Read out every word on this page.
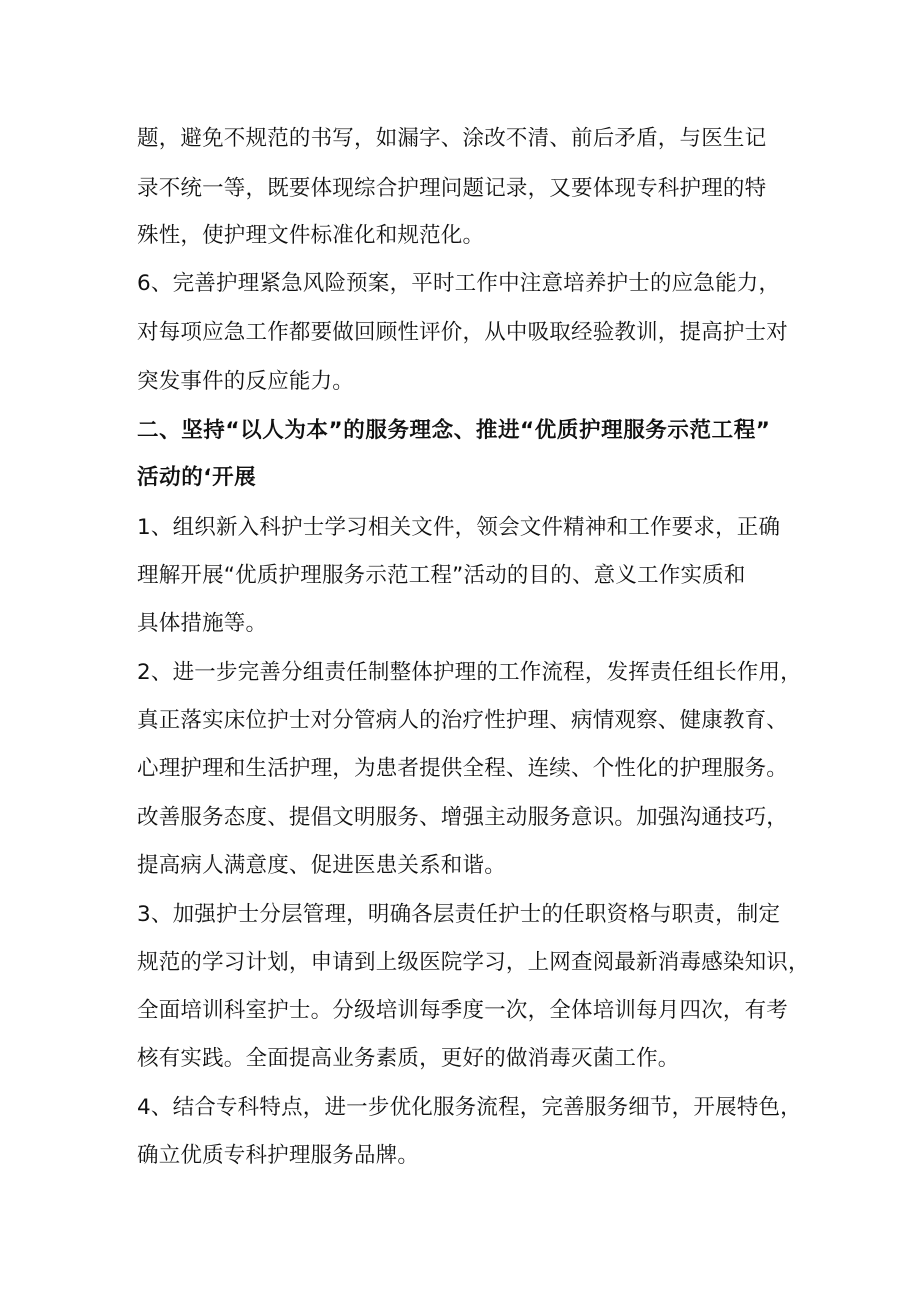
题，避免不规范的书写，如漏字、涂改不清、前后矛盾，与医生记
录不统一等，既要体现综合护理问题记录，又要体现专科护理的特
殊性，使护理文件标准化和规范化。
6、完善护理紧急风险预案，平时工作中注意培养护士的应急能力，
对每项应急工作都要做回顾性评价，从中吸取经验教训，提高护士对
突发事件的反应能力。
二、坚持“以人为本”的服务理念、推进“优质护理服务示范工程”
活动的‘开展
1、组织新入科护士学习相关文件，领会文件精神和工作要求，正确
理解开展“优质护理服务示范工程”活动的目的、意义工作实质和
具体措施等。
2、进一步完善分组责任制整体护理的工作流程，发挥责任组长作用，
真正落实床位护士对分管病人的治疗性护理、病情观察、健康教育、
心理护理和生活护理，为患者提供全程、连续、个性化的护理服务。
改善服务态度、提倡文明服务、增强主动服务意识。加强沟通技巧，
提高病人满意度、促进医患关系和谐。
3、加强护士分层管理，明确各层责任护士的任职资格与职责，制定
规范的学习计划，申请到上级医院学习，上网查阅最新消毒感染知识，
全面培训科室护士。分级培训每季度一次，全体培训每月四次，有考
核有实践。全面提高业务素质，更好的做消毒灭菌工作。
4、结合专科特点，进一步优化服务流程，完善服务细节，开展特色，
确立优质专科护理服务品牌。
